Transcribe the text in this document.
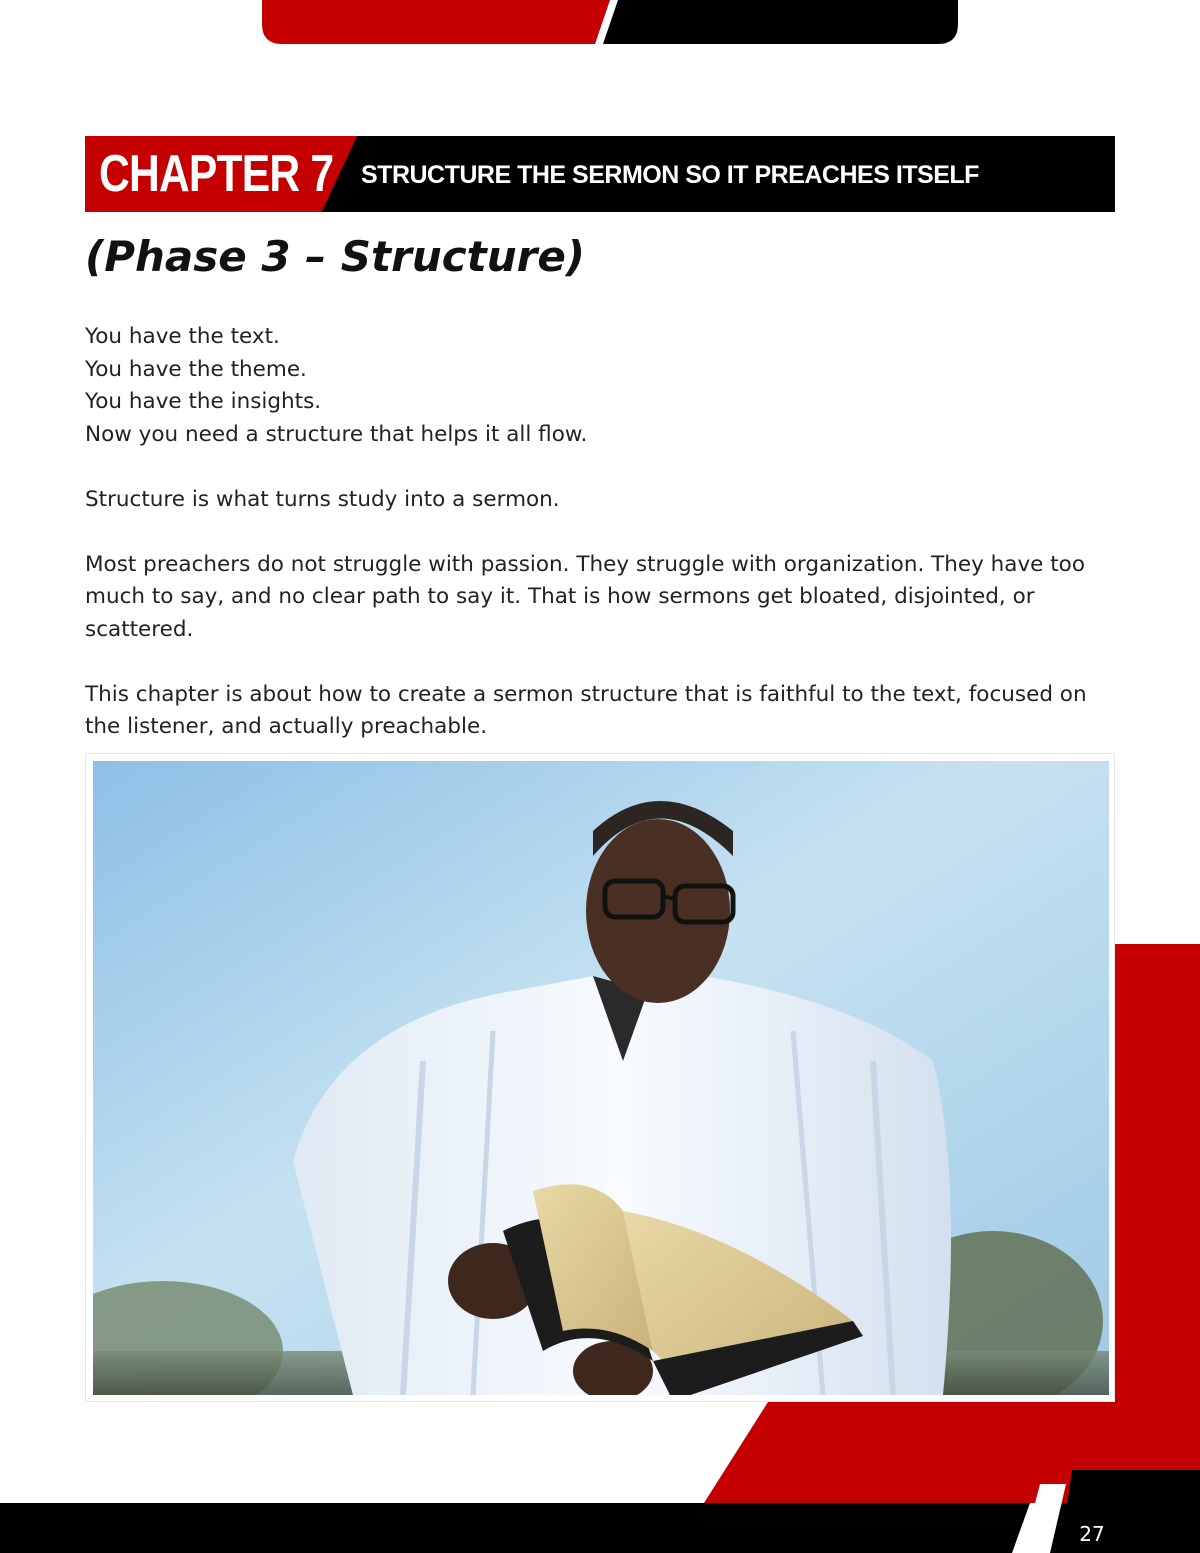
CHAPTER 7 STRUCTURE THE SERMON SO IT PREACHES ITSELF
(Phase 3 – Structure)
You have the text.
You have the theme.
You have the insights.
Now you need a structure that helps it all flow.
Structure is what turns study into a sermon.
Most preachers do not struggle with passion. They struggle with organization. They have too much to say, and no clear path to say it. That is how sermons get bloated, disjointed, or scattered.
This chapter is about how to create a sermon structure that is faithful to the text, focused on the listener, and actually preachable.
27
